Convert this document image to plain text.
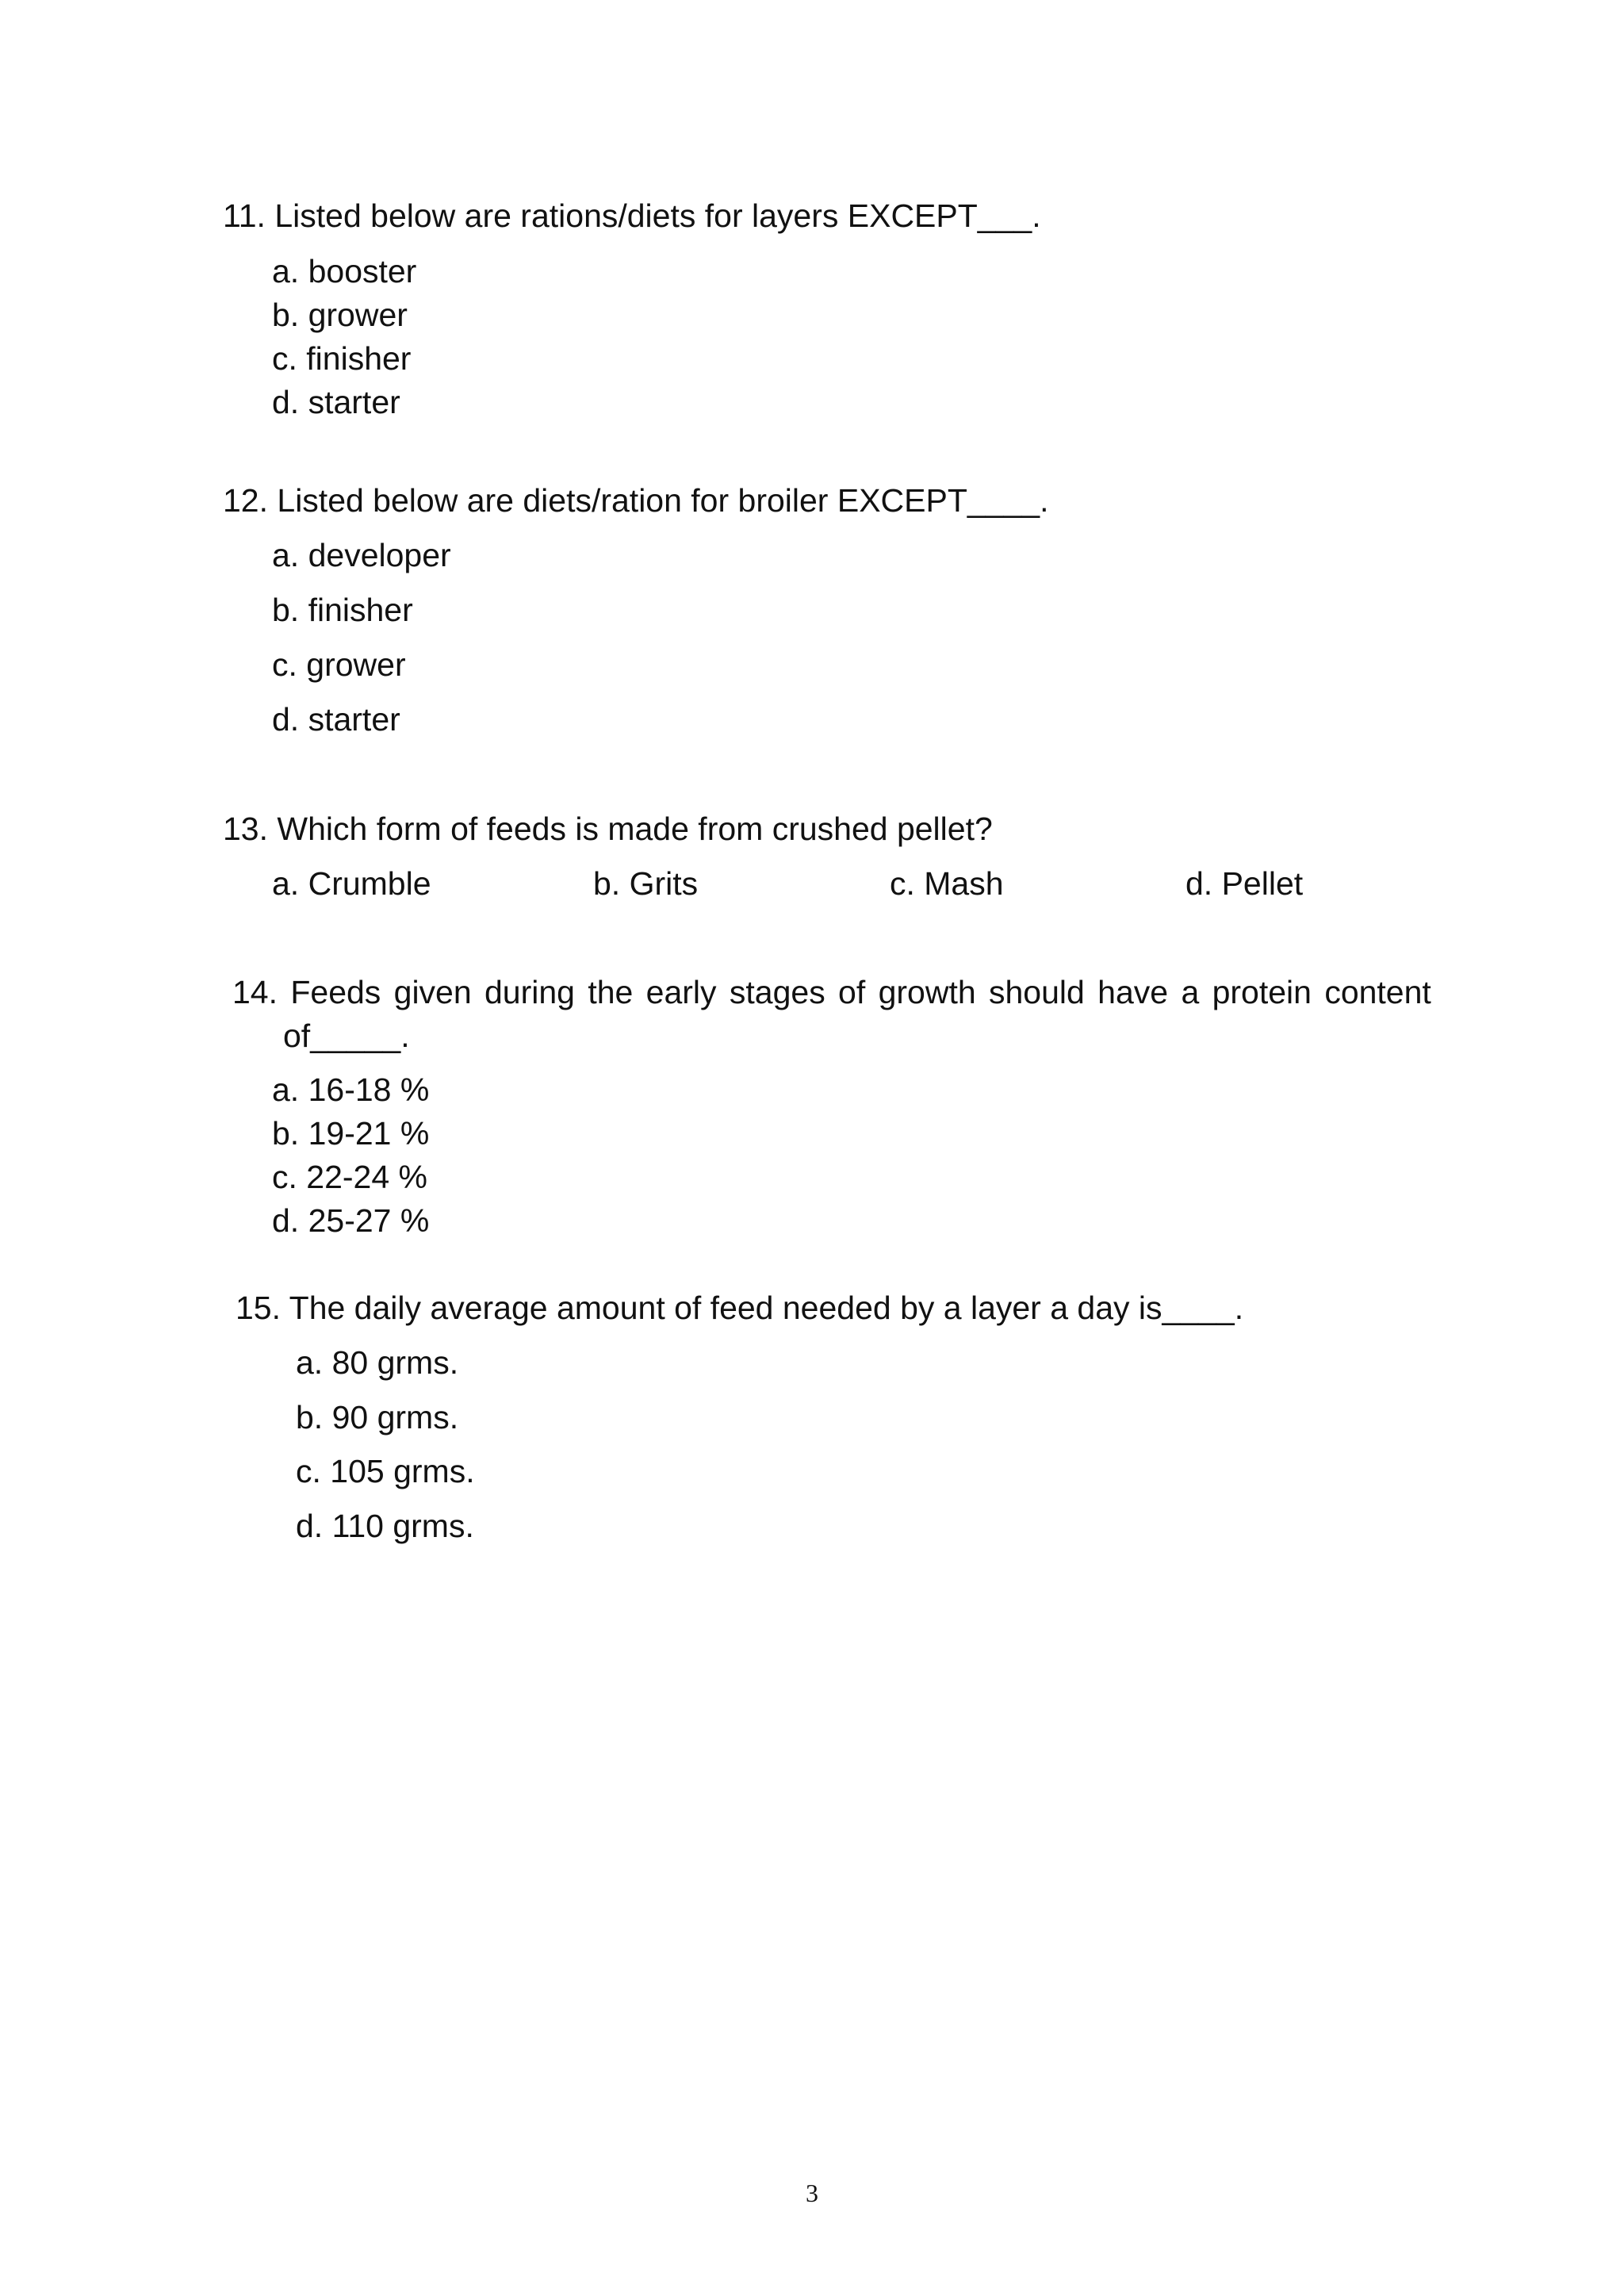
11. Listed below are rations/diets for layers EXCEPT___.
a. booster
b. grower
c. finisher
d. starter
12. Listed below are diets/ration for broiler EXCEPT____.
a. developer
b. finisher
c. grower
d. starter
13. Which form of feeds is made from crushed pellet?
a. Crumble	b. Grits	c. Mash	d. Pellet
14. Feeds given during the early stages of growth should have a protein content
of_____.
a. 16-18 %
b. 19-21 %
c. 22-24 %
d. 25-27 %
15. The daily average amount of feed needed by a layer a day is____.
a. 80 grms.
b. 90 grms.
c. 105 grms.
d. 110 grms.
3
